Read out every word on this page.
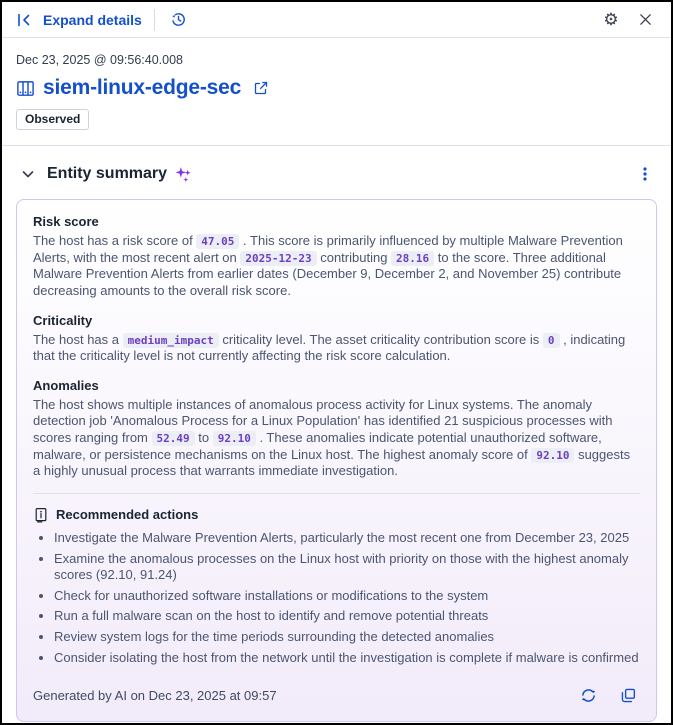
Expand details	⚙
Dec 23, 2025 @ 09:56:40.008
siem-linux-edge-sec
Observed
Entity summary
Risk score

The host has a risk score of 47.05 . This score is primarily influenced by multiple Malware Prevention Alerts, with the most recent alert on 2025-12-23 contributing 28.16 to the score. Three additional Malware Prevention Alerts from earlier dates (December 9, December 2, and November 25) contribute decreasing amounts to the overall risk score.

Criticality

The host has a medium_impact criticality level. The asset criticality contribution score is 0 , indicating that the criticality level is not currently affecting the risk score calculation.

Anomalies

The host shows multiple instances of anomalous process activity for Linux systems. The anomaly detection job 'Anomalous Process for a Linux Population' has identified 21 suspicious processes with scores ranging from 52.49 to 92.10 . These anomalies indicate potential unauthorized software, malware, or persistence mechanisms on the Linux host. The highest anomaly score of 92.10 suggests a highly unusual process that warrants immediate investigation.

Recommended actions
• Investigate the Malware Prevention Alerts, particularly the most recent one from December 23, 2025
• Examine the anomalous processes on the Linux host with priority on those with the highest anomaly scores (92.10, 91.24)
• Check for unauthorized software installations or modifications to the system
• Run a full malware scan on the host to identify and remove potential threats
• Review system logs for the time periods surrounding the detected anomalies
• Consider isolating the host from the network until the investigation is complete if malware is confirmed
Generated by AI on Dec 23, 2025 at 09:57
